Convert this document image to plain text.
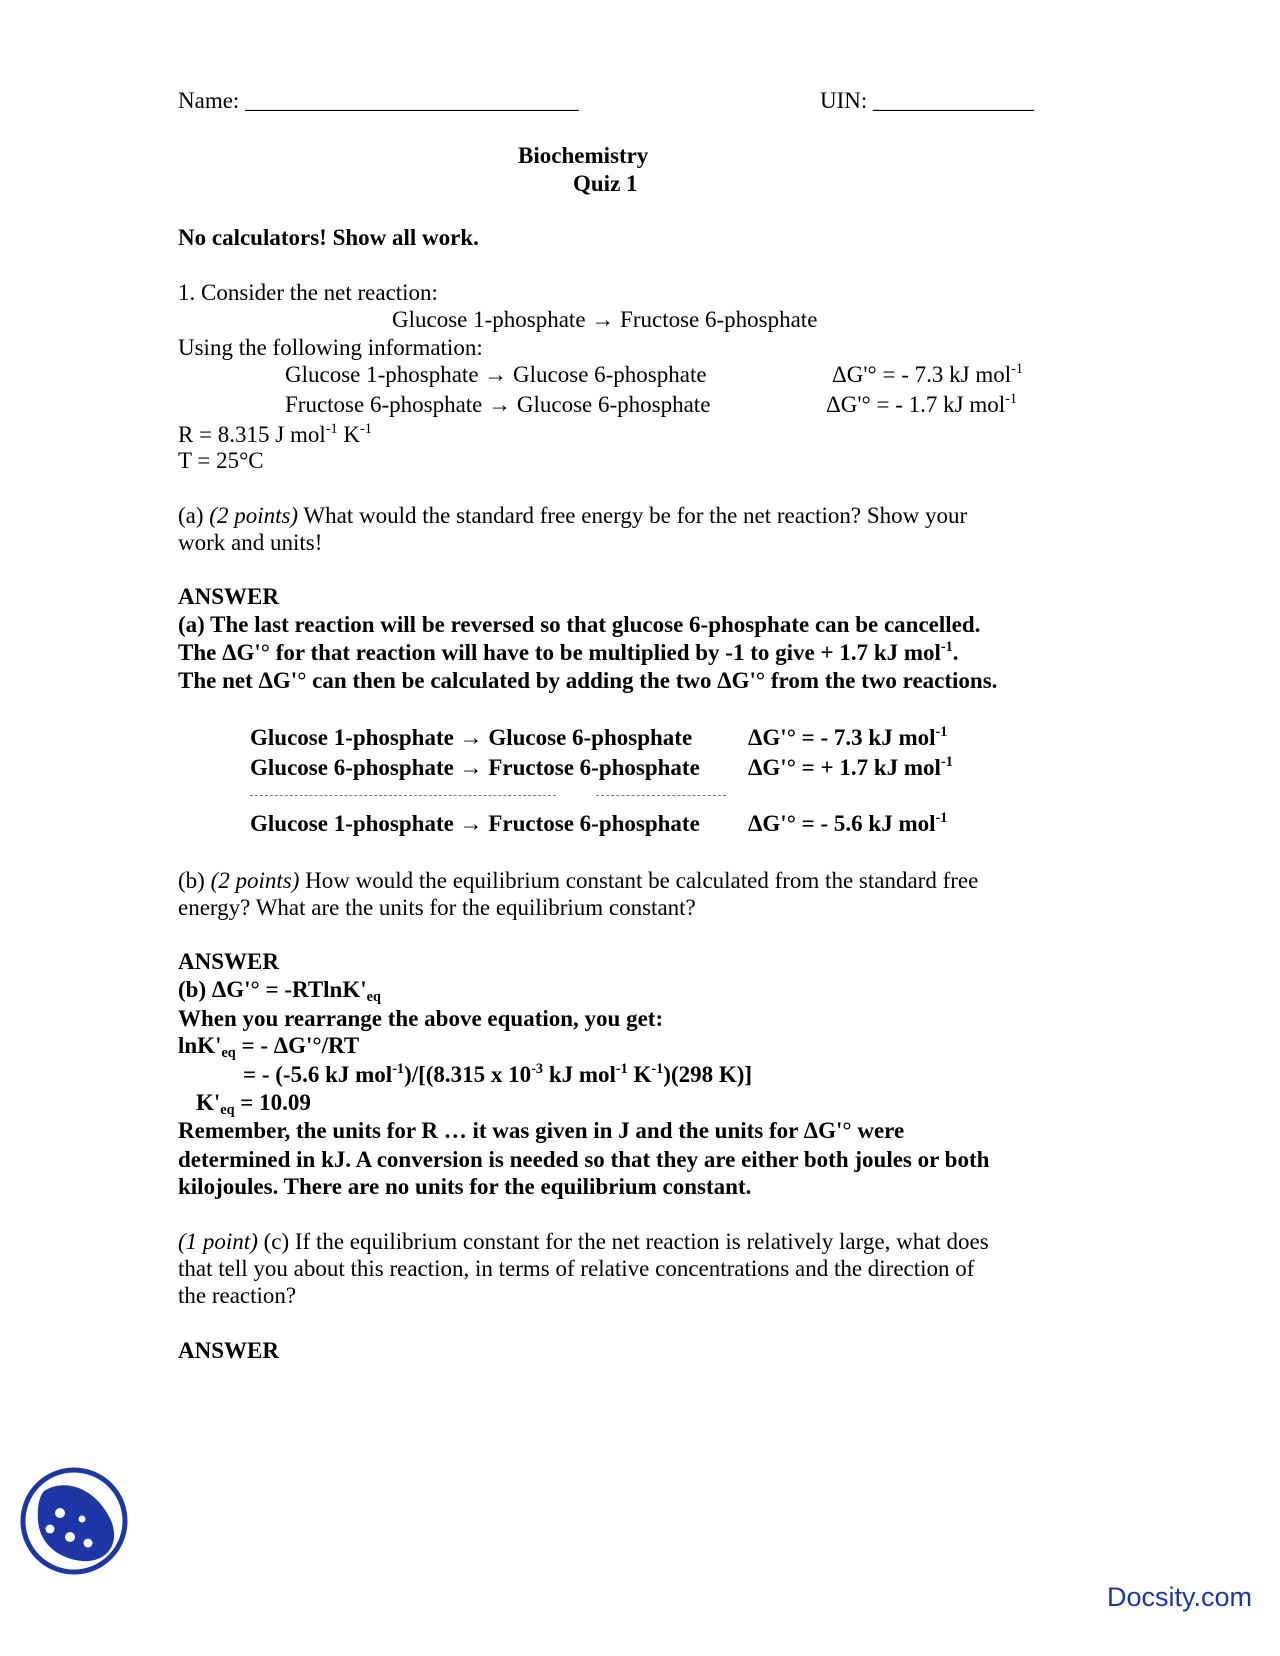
Name: _____________________________	UIN: ______________
Biochemistry
Quiz 1
No calculators! Show all work.
1. Consider the net reaction:
Glucose 1-phosphate → Fructose 6-phosphate
Using the following information:
Glucose 1-phosphate → Glucose 6-phosphate	ΔG'° = - 7.3 kJ mol$^{-1}$
Fructose 6-phosphate → Glucose 6-phosphate	ΔG'° = - 1.7 kJ mol$^{-1}$
R = 8.315 J mol$^{-1}$ $K^{-1}$
T = 25°C
(a) (2 points) What would the standard free energy be for the net reaction? Show your
work and units!
ANSWER
(a) The last reaction will be reversed so that glucose 6-phosphate can be cancelled.
The ΔG'° for that reaction will have to be multiplied by -1 to give + 1.7 kJ mol$^{-1}$.
The net ΔG'° can then be calculated by adding the two ΔG'° from the two reactions.
Glucose 1-phosphate → Glucose 6-phosphate ΔG'° = - 7.3 kJ mol$^{-1}$
Glucose 6-phosphate → Fructose 6-phosphate ΔG'° = + 1.7 kJ mol$^{-1}$
Glucose 1-phosphate → Fructose 6-phosphate ΔG'° = - 5.6 kJ mol$^{-1}$
(b) (2 points) How would the equilibrium constant be calculated from the standard free
energy? What are the units for the equilibrium constant?
ANSWER
(b) $\Delta G'^\circ = -RTlnK'_{eq}$
When you rearrange the above equation, you get:
$\ln K'_{eq}$ = - ΔG'°/RT
= - (-5.6 kJ mol$^{-1}$)/[(8.315 x $10^{-3}$ kJ mol$^{-1}$ $K^{-1})(298$ K)]
$K'_{eq} = 10.09$
Remember, the units for R … it was given in J and the units for ΔG'° were
determined in kJ. A conversion is needed so that they are either both joules or both
kilojoules. There are no units for the equilibrium constant.
(1 point) (c) If the equilibrium constant for the net reaction is relatively large, what does
that tell you about this reaction, in terms of relative concentrations and the direction of
the reaction?
ANSWER
Docsity.com
